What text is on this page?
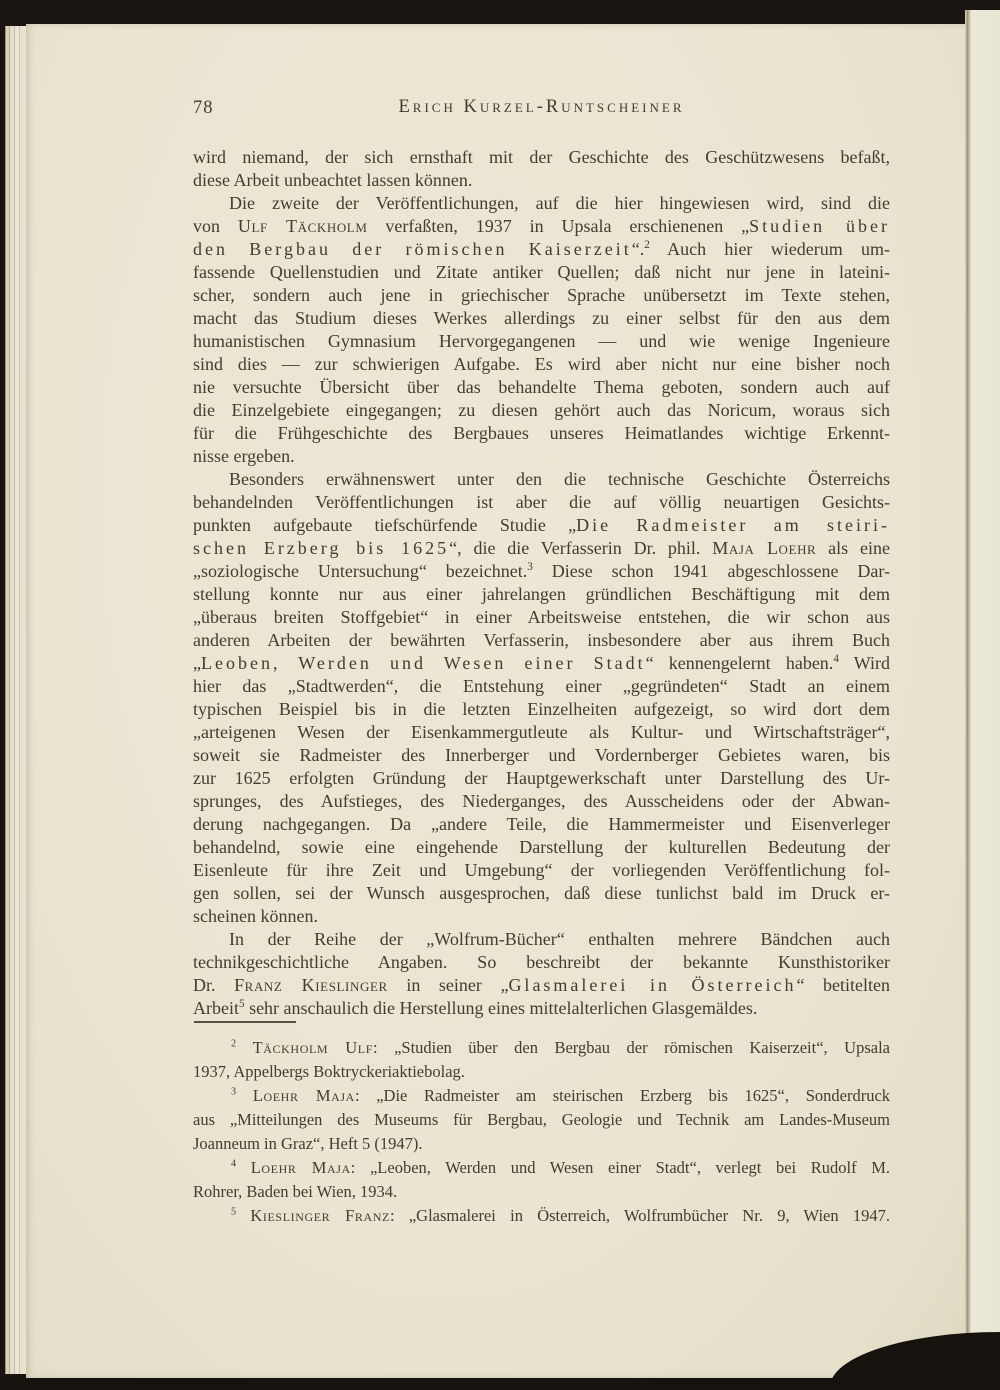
78	Erich Kurzel-Runtscheiner
wird niemand, der sich ernsthaft mit der Geschichte des Geschützwesens befaßt,
diese Arbeit unbeachtet lassen können.
Die zweite der Veröffentlichungen, auf die hier hingewiesen wird, sind die
von Ulf Täckholm verfaßten, 1937 in Upsala erschienenen „Studien über
den Bergbau der römischen Kaiserzeit“.$^2$ Auch hier wiederum um-
fassende Quellenstudien und Zitate antiker Quellen; daß nicht nur jene in lateini-
scher, sondern auch jene in griechischer Sprache unübersetzt im Texte stehen,
macht das Studium dieses Werkes allerdings zu einer selbst für den aus dem
humanistischen Gymnasium Hervorgegangenen — und wie wenige Ingenieure
sind dies — zur schwierigen Aufgabe. Es wird aber nicht nur eine bisher noch
nie versuchte Übersicht über das behandelte Thema geboten, sondern auch auf
die Einzelgebiete eingegangen; zu diesen gehört auch das Noricum, woraus sich
für die Frühgeschichte des Bergbaues unseres Heimatlandes wichtige Erkennt-
nisse ergeben.
Besonders erwähnenswert unter den die technische Geschichte Österreichs
behandelnden Veröffentlichungen ist aber die auf völlig neuartigen Gesichts-
punkten aufgebaute tiefschürfende Studie „Die Radmeister am steiri-
schen Erzberg bis 1625“, die die Verfasserin Dr. phil. Maja Loehr als eine
„soziologische Untersuchung“ bezeichnet.$^3$ Diese schon 1941 abgeschlossene Dar-
stellung konnte nur aus einer jahrelangen gründlichen Beschäftigung mit dem
„überaus breiten Stoffgebiet“ in einer Arbeitsweise entstehen, die wir schon aus
anderen Arbeiten der bewährten Verfasserin, insbesondere aber aus ihrem Buch
„Leoben, Werden und Wesen einer Stadt“ kennengelernt haben.$^4$ Wird
hier das „Stadtwerden“, die Entstehung einer „gegründeten“ Stadt an einem
typischen Beispiel bis in die letzten Einzelheiten aufgezeigt, so wird dort dem
„arteigenen Wesen der Eisenkammergutleute als Kultur- und Wirtschaftsträger“,
soweit sie Radmeister des Innerberger und Vordernberger Gebietes waren, bis
zur 1625 erfolgten Gründung der Hauptgewerkschaft unter Darstellung des Ur-
sprunges, des Aufstieges, des Niederganges, des Ausscheidens oder der Abwan-
derung nachgegangen. Da „andere Teile, die Hammermeister und Eisenverleger
behandelnd, sowie eine eingehende Darstellung der kulturellen Bedeutung der
Eisenleute für ihre Zeit und Umgebung“ der vorliegenden Veröffentlichung fol-
gen sollen, sei der Wunsch ausgesprochen, daß diese tunlichst bald im Druck er-
scheinen können.
In der Reihe der „Wolfrum-Bücher“ enthalten mehrere Bändchen auch
technikgeschichtliche Angaben. So beschreibt der bekannte Kunsthistoriker
Dr. Franz Kieslinger in seiner „Glasmalerei in Österreich“ betitelten
Arbeit$^5$ sehr anschaulich die Herstellung eines mittelalterlichen Glasgemäldes.
$^2$ Täckholm Ulf: „Studien über den Bergbau der römischen Kaiserzeit“, Upsala
1937, Appelbergs Boktryckeriaktiebolag.
$^3$ Loehr Maja: „Die Radmeister am steirischen Erzberg bis 1625“, Sonderdruck
aus „Mitteilungen des Museums für Bergbau, Geologie und Technik am Landes-Museum
Joanneum in Graz“, Heft 5 (1947).
$^4$ Loehr Maja: „Leoben, Werden und Wesen einer Stadt“, verlegt bei Rudolf M.
Rohrer, Baden bei Wien, 1934.
$^5$ Kieslinger Franz: „Glasmalerei in Österreich, Wolfrumbücher Nr. 9, Wien 1947.
